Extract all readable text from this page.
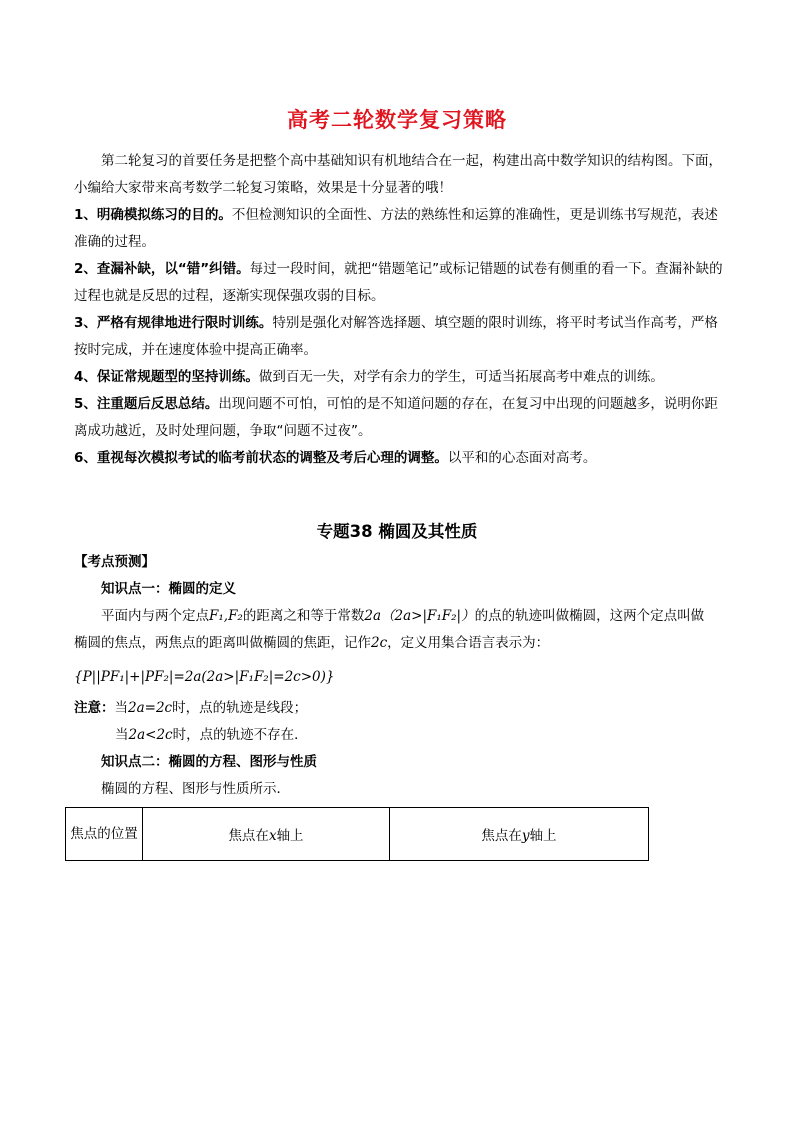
高考二轮数学复习策略
第二轮复习的首要任务是把整个高中基础知识有机地结合在一起，构建出高中数学知识的结构图。下面，小编给大家带来高考数学二轮复习策略，效果是十分显著的哦！
1、明确模拟练习的目的。不但检测知识的全面性、方法的熟练性和运算的准确性，更是训练书写规范，表述准确的过程。
2、查漏补缺，以“错”纠错。每过一段时间，就把“错题笔记”或标记错题的试卷有侧重的看一下。查漏补缺的过程也就是反思的过程，逐渐实现保强攻弱的目标。
3、严格有规律地进行限时训练。特别是强化对解答选择题、填空题的限时训练，将平时考试当作高考，严格按时完成，并在速度体验中提高正确率。
4、保证常规题型的坚持训练。做到百无一失，对学有余力的学生，可适当拓展高考中难点的训练。
5、注重题后反思总结。出现问题不可怕，可怕的是不知道问题的存在，在复习中出现的问题越多，说明你距离成功越近，及时处理问题，争取“问题不过夜”。
6、重视每次模拟考试的临考前状态的调整及考后心理的调整。以平和的心态面对高考。
专题38 椭圆及其性质
【考点预测】
知识点一：椭圆的定义
平面内与两个定点F₁,F₂的距离之和等于常数2a（2a>|F₁F₂|）的点的轨迹叫做椭圆，这两个定点叫做
椭圆的焦点，两焦点的距离叫做椭圆的焦距，记作2c，定义用集合语言表示为：
{P||PF₁|+|PF₂|=2a(2a>|F₁F₂|=2c>0)}
注意：当2a=2c时，点的轨迹是线段；
当2a<2c时，点的轨迹不存在．
知识点二：椭圆的方程、图形与性质
椭圆的方程、图形与性质所示．
焦点的位置	焦点在x轴上	焦点在y轴上
